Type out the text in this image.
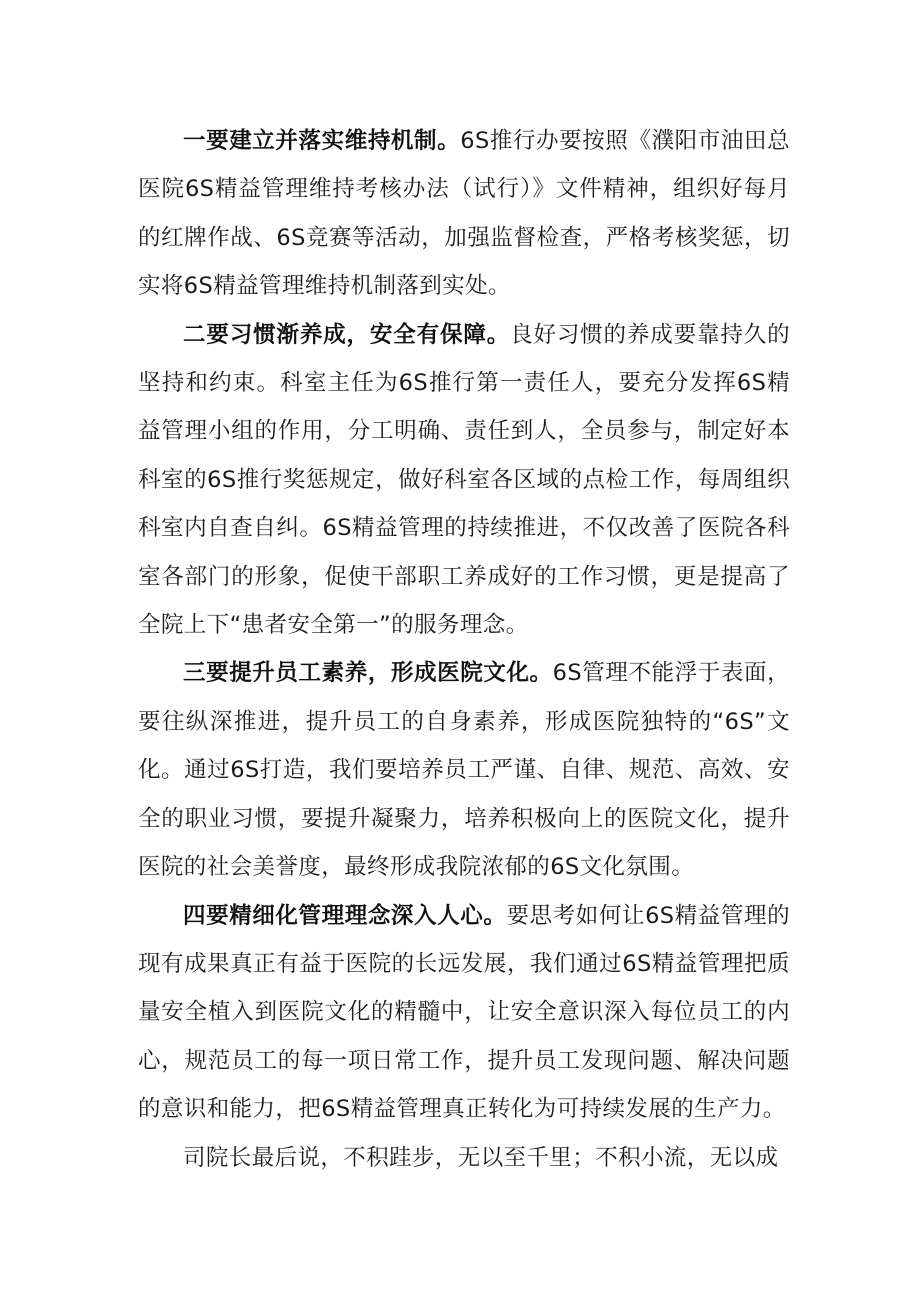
一要建立并落实维持机制。6S推行办要按照《濮阳市油田总医院6S精益管理维持考核办法（试行）》文件精神，组织好每月的红牌作战、6S竞赛等活动，加强监督检查，严格考核奖惩，切实将6S精益管理维持机制落到实处。

二要习惯渐养成，安全有保障。良好习惯的养成要靠持久的坚持和约束。科室主任为6S推行第一责任人，要充分发挥6S精益管理小组的作用，分工明确、责任到人，全员参与，制定好本科室的6S推行奖惩规定，做好科室各区域的点检工作，每周组织科室内自查自纠。6S精益管理的持续推进，不仅改善了医院各科室各部门的形象，促使干部职工养成好的工作习惯，更是提高了全院上下“患者安全第一”的服务理念。

三要提升员工素养，形成医院文化。6S管理不能浮于表面，要往纵深推进，提升员工的自身素养，形成医院独特的“6S”文化。通过6S打造，我们要培养员工严谨、自律、规范、高效、安全的职业习惯，要提升凝聚力，培养积极向上的医院文化，提升医院的社会美誉度，最终形成我院浓郁的6S文化氛围。

四要精细化管理理念深入人心。要思考如何让6S精益管理的现有成果真正有益于医院的长远发展，我们通过6S精益管理把质量安全植入到医院文化的精髓中，让安全意识深入每位员工的内心，规范员工的每一项日常工作，提升员工发现问题、解决问题的意识和能力，把6S精益管理真正转化为可持续发展的生产力。

司院长最后说，不积跬步，无以至千里；不积小流，无以成
